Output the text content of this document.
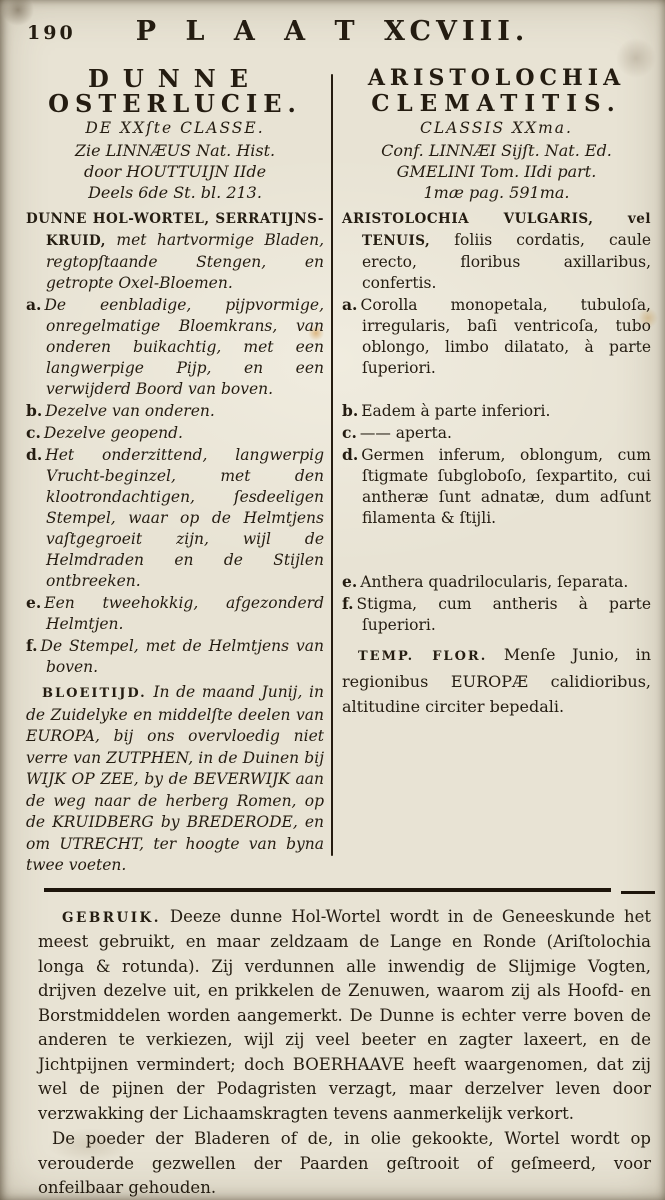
190	P L A A T XCVIII.
DUNNE
OSTERLUCIE.
DE XXſte CLASSE.
Zie LINNÆUS Nat. Hist.
door HOUTTUIJN IIde
Deels 6de St. bl. 213.
DUNNE HOL-WORTEL, SERRATIJNS-KRUID, met hartvormige Bladen, regtopſtaande Stengen, en getropte Oxel-Bloemen.
a. De eenbladige, pijpvormige, onregelmatige Bloemkrans, van onderen buikachtig, met een langwerpige Pijp, en een verwijderd Boord van boven.
b. Dezelve van onderen.
c. Dezelve geopend.
d. Het onderzittend, langwerpig Vrucht-beginzel, met den klootrondachtigen, ſesdeeligen Stempel, waar op de Helmtjens vaſtgegroeit zijn, wijl de Helmdraden en de Stijlen ontbreeken.
e. Een tweehokkig, afgezonderd Helmtjen.
f. De Stempel, met de Helmtjens van boven.
BLOEITIJD. In de maand Junij, in de Zuidelyke en middelſte deelen van EUROPA, bij ons overvloedig niet verre van ZUTPHEN, in de Duinen bij WIJK OP ZEE, by de BEVERWIJK aan de weg naar de herberg Romen, op de KRUIDBERG by BREDERODE, en om UTRECHT, ter hoogte van byna twee voeten.
ARISTOLOCHIA
CLEMATITIS.
CLASSIS XXma.
Conf. LINNÆI Sijſt. Nat. Ed.
GMELINI Tom. IIdi part.
1mæ pag. 591ma.
ARISTOLOCHIA VULGARIS, vel TENUIS, foliis cordatis, caule erecto, floribus axillaribus, confertis.
a. Corolla monopetala, tubuloſa, irregularis, baſi ventricoſa, tubo oblongo, limbo dilatato, à parte ſuperiori.
b. Eadem à parte inferiori.
c. —— aperta.
d. Germen inferum, oblongum, cum ſtigmate ſubgloboſo, ſexpartito, cui antheræ ſunt adnatæ, dum adſunt filamenta & ſtijli.
e. Anthera quadrilocularis, ſeparata.
f. Stigma, cum antheris à parte ſuperiori.
TEMP. FLOR. Menſe Junio, in regionibus EUROPÆ calidioribus, altitudine circiter bepedali.
GEBRUIK. Deeze dunne Hol-Wortel wordt in de Geneeskunde het meest gebruikt, en maar zeldzaam de Lange en Ronde (Ariſtolochia longa & rotunda). Zij verdunnen alle inwendig de Slijmige Vogten, drijven dezelve uit, en prikkelen de Zenuwen, waarom zij als Hoofd- en Borstmiddelen worden aangemerkt. De Dunne is echter verre boven de anderen te verkiezen, wijl zij veel beeter en zagter laxeert, en de Jichtpijnen vermindert; doch BOERHAAVE heeft waargenomen, dat zij wel de pijnen der Podagristen verzagt, maar derzelver leven door verzwakking der Lichaamskragten tevens aanmerkelijk verkort.
De poeder der Bladeren of de, in olie gekookte, Wortel wordt op verouderde gezwellen der Paarden geſtrooit of geſmeerd, voor onfeilbaar gehouden.
